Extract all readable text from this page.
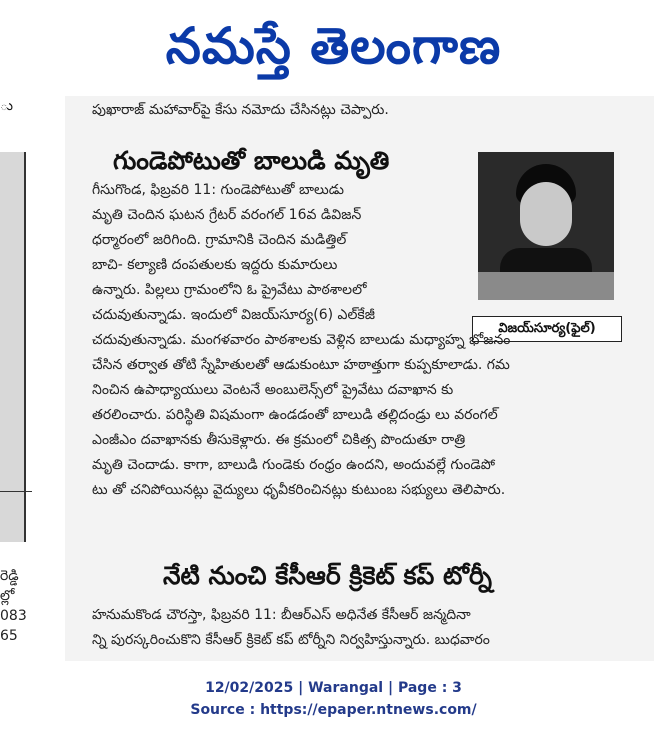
నమస్తే తెలంగాణ
ు
రెడ్డి
ల్లో
083
65
పుఖారాజ్ మహావార్‌పై కేసు నమోదు చేసినట్లు చెప్పారు.
గుండెపోటుతో బాలుడి మృతి
విజయ్‌సూర్య(ఫైల్)

గీసుగొండ, ఫిబ్రవరి 11: గుండెపోటుతో బాలుడు

మృతి చెందిన ఘటన గ్రేటర్ వరంగల్ 16వ డివిజన్

ధర్మారంలో జరిగింది. గ్రామానికి చెందిన మడిత్తిల్

బాచి- కల్యాణి దంపతులకు ఇద్దరు కుమారులు

ఉన్నారు. పిల్లలు గ్రామంలోని ఓ ప్రైవేటు పాఠశాలలో

చదువుతున్నాడు. ఇందులో విజయ్‌సూర్య(6) ఎల్‌కేజీ

చదువుతున్నాడు. మంగళవారం పాఠశాలకు వెళ్లిన బాలుడు మధ్యాహ్న భోజనం

చేసిన తర్వాత తోటి స్నేహితులతో ఆడుకుంటూ హఠాత్తుగా కుప్పకూలాడు. గమ

నించిన ఉపాధ్యాయులు వెంటనే అంబులెన్స్‌లో ప్రైవేటు దవాఖాన కు

తరలించారు. పరిస్థితి విషమంగా ఉండడంతో బాలుడి తల్లిదండ్రు లు వరంగల్

ఎంజీఎం దవాఖానకు తీసుకెళ్లారు. ఈ క్రమంలో చికిత్స పొందుతూ రాత్రి

మృతి చెందాడు. కాగా, బాలుడి గుండెకు రంధ్రం ఉందని, అందువల్లే గుండెపో

టు తో చనిపోయినట్లు వైద్యులు ధృవీకరించినట్లు కుటుంబ సభ్యులు తెలిపారు.

నేటి నుంచి కేసీఆర్ క్రికెట్ కప్ టోర్నీ

హనుమకొండ చౌరస్తా, ఫిబ్రవరి 11: బీఆర్‌ఎస్ అధినేత కేసీఆర్ జన్మదినా

న్ని పురస్కరించుకొని కేసీఆర్ క్రికెట్ కప్ టోర్నీని నిర్వహిస్తున్నారు. బుధవారం

12/02/2025 | Warangal | Page : 3
Source : https://epaper.ntnews.com/
